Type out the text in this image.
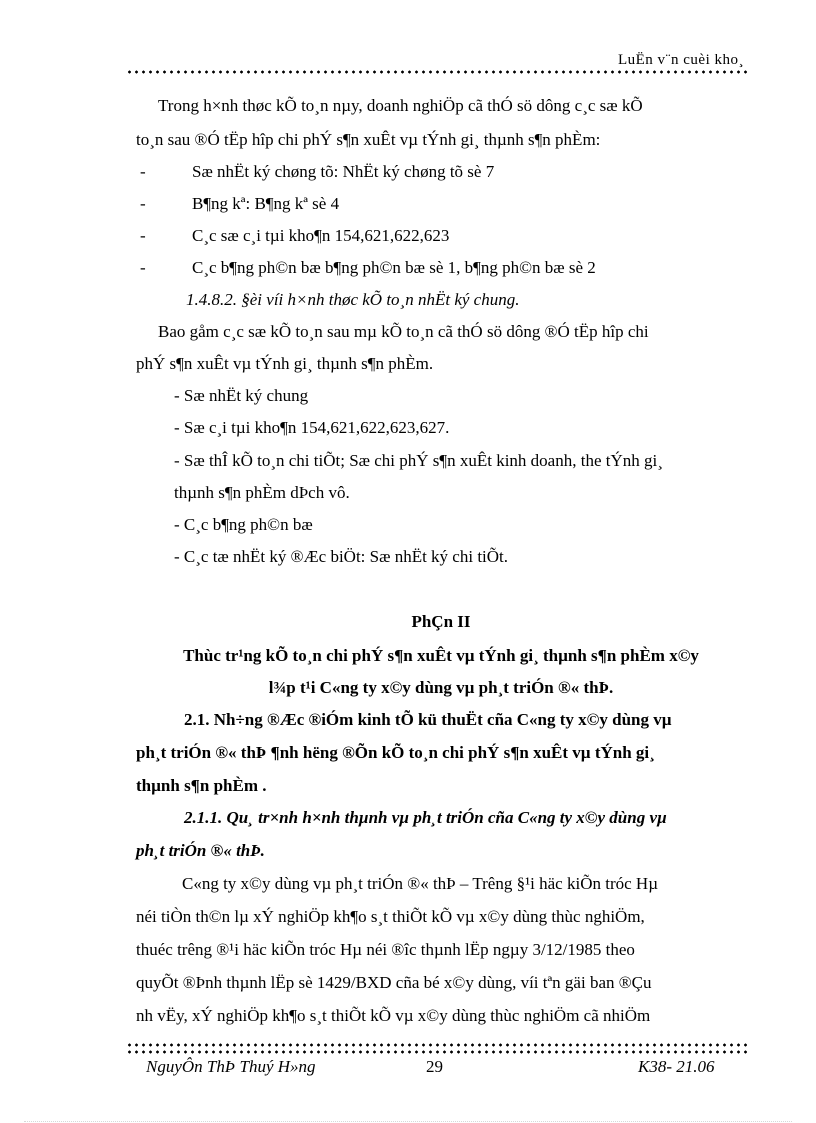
LuËn v¨n cuèi kho¸
Trong h×nh thøc kÕ to¸n nµy, doanh nghiÖp cã thÓ sö dông c¸c sæ kÕ
to¸n sau ®Ó tËp hîp chi phÝ s¶n xuÊt vµ tÝnh gi¸ thµnh s¶n phÈm:
-	Sæ nhËt ký chøng tõ: NhËt ký chøng tõ sè 7
-	B¶ng kª: B¶ng kª sè 4
-	C¸c sæ c¸i tµi kho¶n 154,621,622,623
-	C¸c b¶ng ph©n bæ b¶ng ph©n bæ sè 1, b¶ng ph©n bæ sè 2
1.4.8.2. §èi víi h×nh thøc kÕ to¸n nhËt ký chung.
Bao gåm c¸c sæ kÕ to¸n sau mµ kÕ to¸n cã thÓ sö dông ®Ó tËp hîp chi
phÝ s¶n xuÊt vµ tÝnh gi¸ thµnh s¶n phÈm.
- Sæ nhËt ký chung
- Sæ c¸i tµi kho¶n 154,621,622,623,627.
- Sæ thÎ kÕ to¸n chi tiÕt; Sæ chi phÝ s¶n xuÊt kinh doanh, the tÝnh gi¸
thµnh s¶n phÈm dÞch vô.
- C¸c b¶ng ph©n bæ
- C¸c tæ nhËt ký ®Æc biÖt: Sæ nhËt ký chi tiÕt.
PhÇn II
Thùc tr¹ng kÕ to¸n chi phÝ s¶n xuÊt vµ tÝnh gi¸ thµnh s¶n phÈm x©y
l¾p t¹i C«ng ty x©y dùng vµ ph¸t triÓn ®« thÞ.
2.1. Nh÷ng ®Æc ®iÓm kinh tÕ kü thuËt cña C«ng ty x©y dùng vµ
ph¸t triÓn ®« thÞ ¶nh hëng ®Õn kÕ to¸n chi phÝ s¶n xuÊt vµ tÝnh gi¸
thµnh s¶n phÈm .
2.1.1. Qu¸ tr×nh h×nh thµnh vµ ph¸t triÓn cña C«ng ty x©y dùng vµ
ph¸t triÓn ®« thÞ.
C«ng ty x©y dùng vµ ph¸t triÓn ®« thÞ – Trêng §¹i häc kiÕn tróc Hµ
néi tiÒn th©n lµ xÝ nghiÖp kh¶o s¸t thiÕt kÕ vµ x©y dùng thùc nghiÖm,
thuéc trêng ®¹i häc kiÕn tróc Hµ néi ®îc thµnh lËp ngµy 3/12/1985 theo
quyÕt ®Þnh thµnh lËp sè 1429/BXD cña bé x©y dùng, víi tªn gäi ban ®Çu
nh vËy, xÝ nghiÖp kh¶o s¸t thiÕt kÕ vµ x©y dùng thùc nghiÖm cã nhiÖm
NguyÔn ThÞ Thuý H»ng	29	K38- 21.06
